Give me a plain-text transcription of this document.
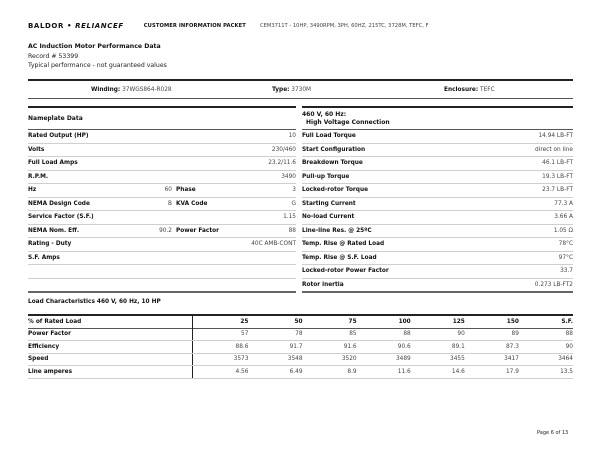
BALDOR • RELIANCEF	CUSTOMER INFORMATION PACKET	CEM3711T - 10HP, 3490RPM, 3PH, 60HZ, 215TC, 3728M, TEFC, F
AC Induction Motor Performance Data
Record # 53399
Typical performance - not guaranteed values
Winding: 37WGS864-R028	Type: 3730M	Enclosure: TEFC
Nameplate Data
Rated Output (HP)	10
Volts	230/460
Full Load Amps	23.2/11.6
R.P.M.	3490
Hz	60 Phase	3
NEMA Design Code	B KVA Code	G
Service Factor (S.F.)	1.15
NEMA Nom. Eff.	90.2 Power Factor	88
Rating - Duty	40C AMB-CONT
S.F. Amps
460 V, 60 Hz:
High Voltage Connection
Full Load Torque	14.94 LB-FT
Start Configuration	direct on line
Breakdown Torque	46.1 LB-FT
Pull-up Torque	19.3 LB-FT
Locked-rotor Torque	23.7 LB-FT
Starting Current	77.3 A
No-load Current	3.66 A
Line-line Res. @ 25ºC	1.05 Ω
Temp. Rise @ Rated Load	78°C
Temp. Rise @ S.F. Load	97°C
Locked-rotor Power Factor	33.7
Rotor inertia	0.273 LB-FT2
Load Characteristics 460 V, 60 Hz, 10 HP
% of Rated Load	25	50	75	100	125	150	S.F.
Power Factor	57	78	85	88	90	89	88
Efficiency	88.6	91.7	91.6	90.6	89.1	87.3	90
Speed	3573	3548	3520	3489	3455	3417	3464
Line amperes	4.56	6.49	8.9	11.6	14.6	17.9	13.5
Page 6 of 13
